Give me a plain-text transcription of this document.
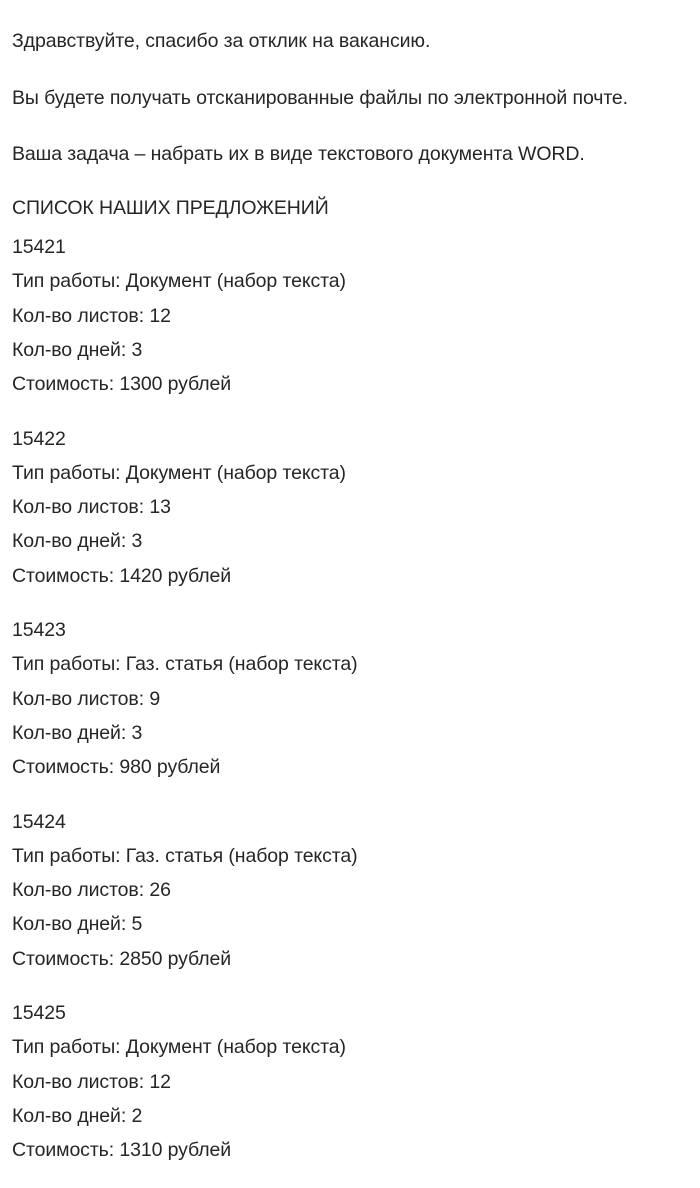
Здравствуйте, спасибо за отклик на вакансию.
Вы будете получать отсканированные файлы по электронной почте.
Ваша задача – набрать их в виде текстового документа WORD.
СПИСОК НАШИХ ПРЕДЛОЖЕНИЙ
15421
Тип работы: Документ (набор текста)
Кол-во листов: 12
Кол-во дней: 3
Стоимость: 1300 рублей
15422
Тип работы: Документ (набор текста)
Кол-во листов: 13
Кол-во дней: 3
Стоимость: 1420 рублей
15423
Тип работы: Газ. статья (набор текста)
Кол-во листов: 9
Кол-во дней: 3
Стоимость: 980 рублей
15424
Тип работы: Газ. статья (набор текста)
Кол-во листов: 26
Кол-во дней: 5
Стоимость: 2850 рублей
15425
Тип работы: Документ (набор текста)
Кол-во листов: 12
Кол-во дней: 2
Стоимость: 1310 рублей
